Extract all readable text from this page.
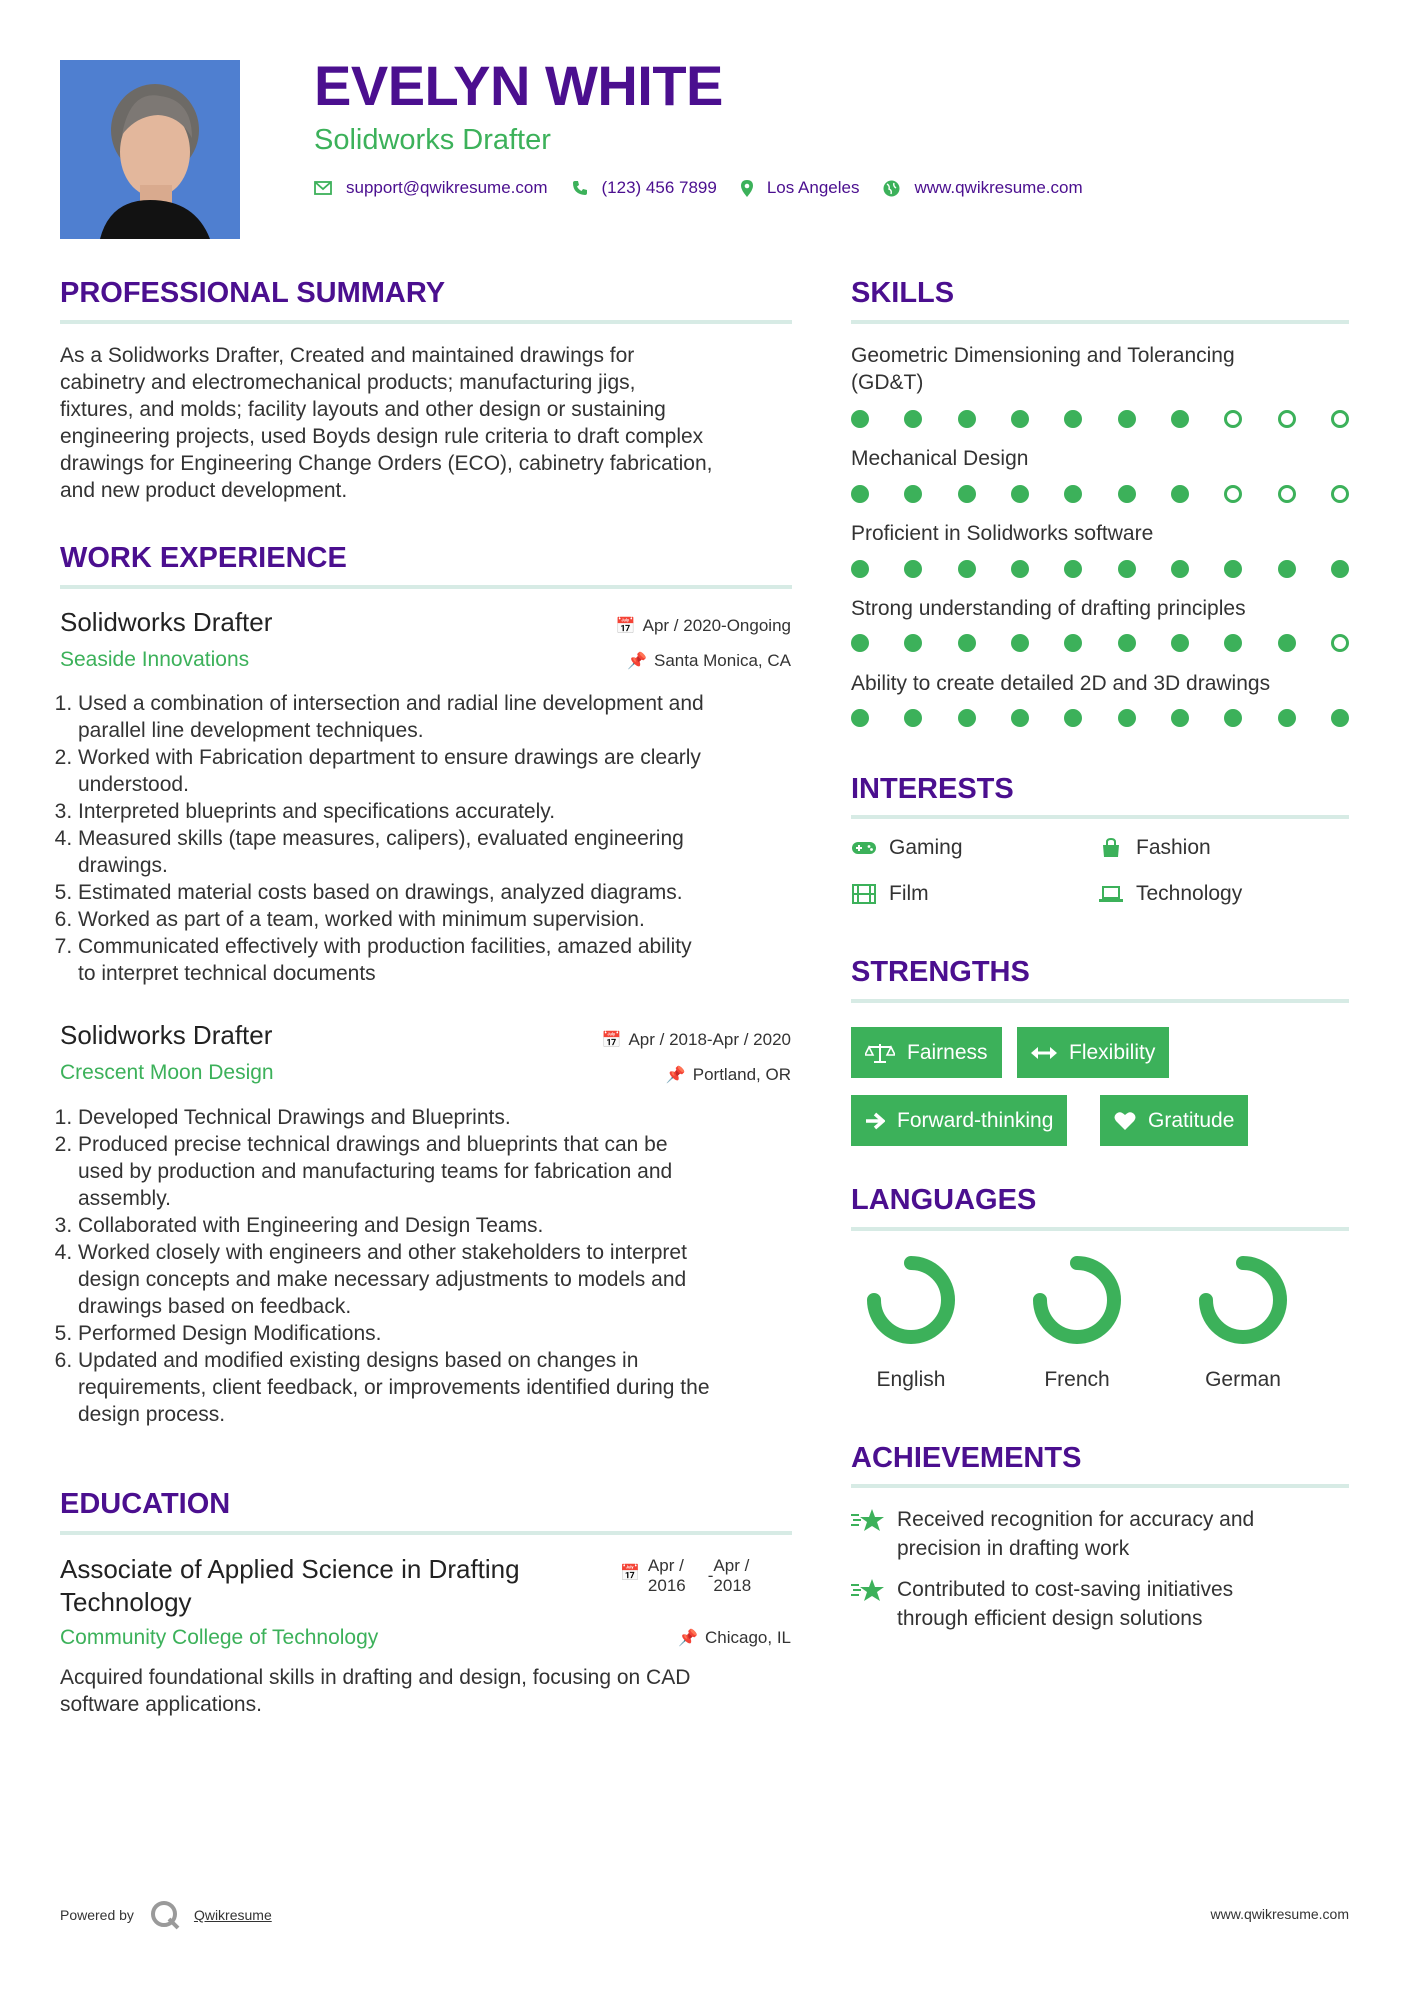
EVELYN WHITE
Solidworks Drafter
support@qwikresume.com	(123) 456 7899	Los Angeles	www.qwikresume.com
PROFESSIONAL SUMMARY
As a Solidworks Drafter, Created and maintained drawings for
cabinetry and electromechanical products; manufacturing jigs,
fixtures, and molds; facility layouts and other design or sustaining
engineering projects, used Boyds design rule criteria to draft complex
drawings for Engineering Change Orders (ECO), cabinetry fabrication,
and new product development.
WORK EXPERIENCE
Solidworks Drafter
Seaside Innovations
📅 Apr / 2020-Ongoing
📌 Santa Monica, CA
1. Used a combination of intersection and radial line development and
parallel line development techniques.
2. Worked with Fabrication department to ensure drawings are clearly
understood.
3. Interpreted blueprints and specifications accurately.
4. Measured skills (tape measures, calipers), evaluated engineering
drawings.
5. Estimated material costs based on drawings, analyzed diagrams.
6. Worked as part of a team, worked with minimum supervision.
7. Communicated effectively with production facilities, amazed ability
to interpret technical documents
Solidworks Drafter
Crescent Moon Design
📅 Apr / 2018-Apr / 2020
📌 Portland, OR
1. Developed Technical Drawings and Blueprints.
2. Produced precise technical drawings and blueprints that can be
used by production and manufacturing teams for fabrication and
assembly.
3. Collaborated with Engineering and Design Teams.
4. Worked closely with engineers and other stakeholders to interpret
design concepts and make necessary adjustments to models and
drawings based on feedback.
5. Performed Design Modifications.
6. Updated and modified existing designs based on changes in
requirements, client feedback, or improvements identified during the
design process.
EDUCATION
Associate of Applied Science in Drafting
Technology
Community College of Technology
📅 Apr /
2016
-
Apr /
2018
📌 Chicago, IL
Acquired foundational skills in drafting and design, focusing on CAD
software applications.
SKILLS
Geometric Dimensioning and Tolerancing
(GD&T)
Mechanical Design
Proficient in Solidworks software
Strong understanding of drafting principles
Ability to create detailed 2D and 3D drawings
INTERESTS
Gaming	Fashion
Film	Technology
STRENGTHS
Fairness	Flexibility
Forward-thinking	Gratitude
LANGUAGES
English	French	German
ACHIEVEMENTS
Received recognition for accuracy and
precision in drafting work
Contributed to cost-saving initiatives
through efficient design solutions
Powered by	Qwikresume	www.qwikresume.com
